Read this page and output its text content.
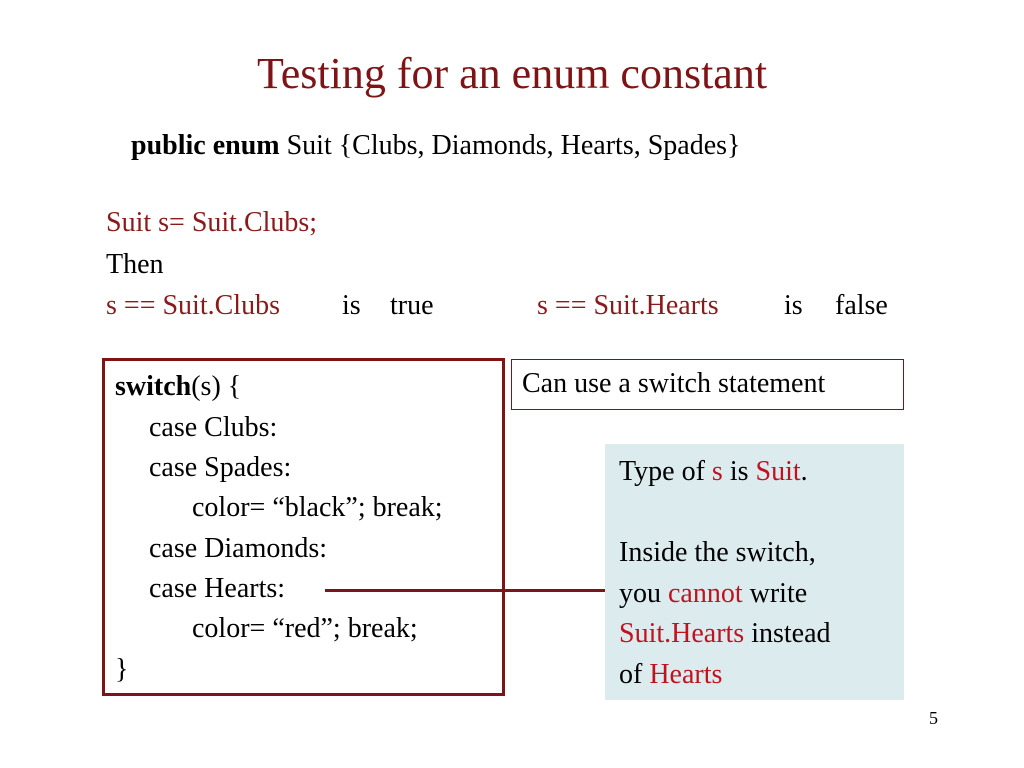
Testing for an enum constant
public enum Suit {Clubs, Diamonds, Hearts, Spades}
Suit s= Suit.Clubs;
Then
s == Suit.Clubs is true	s == Suit.Hearts is false
switch(s) {
case Clubs:
case Spades:
color= “black”; break;
case Diamonds:
case Hearts:
color= “red”; break;
}
Can use a switch statement
Type of s is Suit.
Inside the switch,
you cannot write
Suit.Hearts instead
of Hearts
5
